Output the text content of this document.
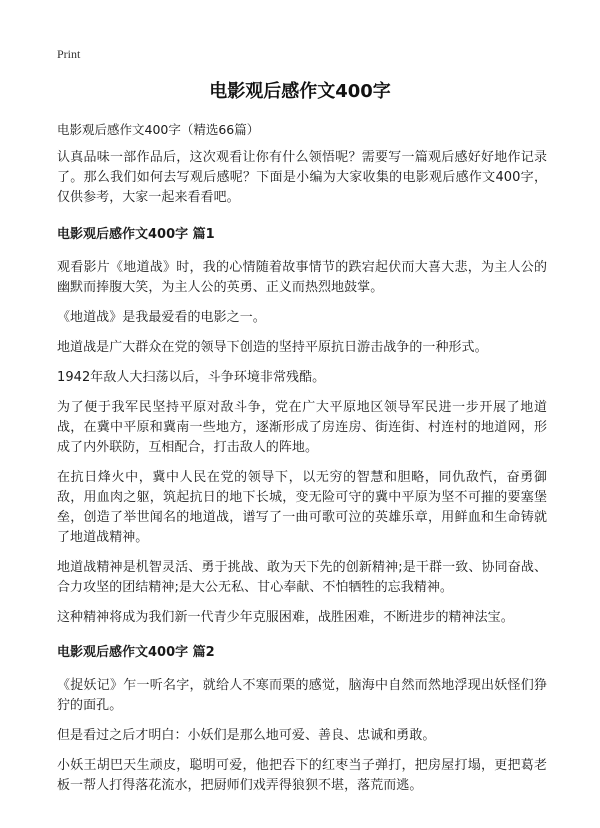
Print
电影观后感作文400字

电影观后感作文400字（精选66篇）

认真品味一部作品后，这次观看让你有什么领悟呢？需要写一篇观后感好好地作记录了。那么我们如何去写观后感呢？下面是小编为大家收集的电影观后感作文400字，仅供参考，大家一起来看看吧。

电影观后感作文400字 篇1

观看影片《地道战》时，我的心情随着故事情节的跌宕起伏而大喜大悲，为主人公的幽默而捧腹大笑，为主人公的英勇、正义而热烈地鼓掌。

《地道战》是我最爱看的电影之一。

地道战是广大群众在党的领导下创造的坚持平原抗日游击战争的一种形式。

1942年敌人大扫荡以后，斗争环境非常残酷。

为了便于我军民坚持平原对敌斗争，党在广大平原地区领导军民进一步开展了地道战，在冀中平原和冀南一些地方，逐渐形成了房连房、街连街、村连村的地道网，形成了内外联防，互相配合，打击敌人的阵地。

在抗日烽火中，冀中人民在党的领导下，以无穷的智慧和胆略，同仇敌忾，奋勇御敌，用血肉之躯，筑起抗日的地下长城，变无险可守的冀中平原为坚不可摧的要塞堡垒，创造了举世闻名的地道战，谱写了一曲可歌可泣的英雄乐章，用鲜血和生命铸就了地道战精神。

地道战精神是机智灵活、勇于挑战、敢为天下先的创新精神;是干群一致、协同奋战、合力攻坚的团结精神;是大公无私、甘心奉献、不怕牺牲的忘我精神。

这种精神将成为我们新一代青少年克服困难，战胜困难，不断进步的精神法宝。

电影观后感作文400字 篇2

《捉妖记》乍一听名字，就给人不寒而栗的感觉，脑海中自然而然地浮现出妖怪们狰狞的面孔。

但是看过之后才明白：小妖们是那么地可爱、善良、忠诚和勇敢。

小妖王胡巴天生顽皮，聪明可爱，他把吞下的红枣当子弹打，把房屋打塌，更把葛老板一帮人打得落花流水，把厨师们戏弄得狼狈不堪，落荒而逃。
